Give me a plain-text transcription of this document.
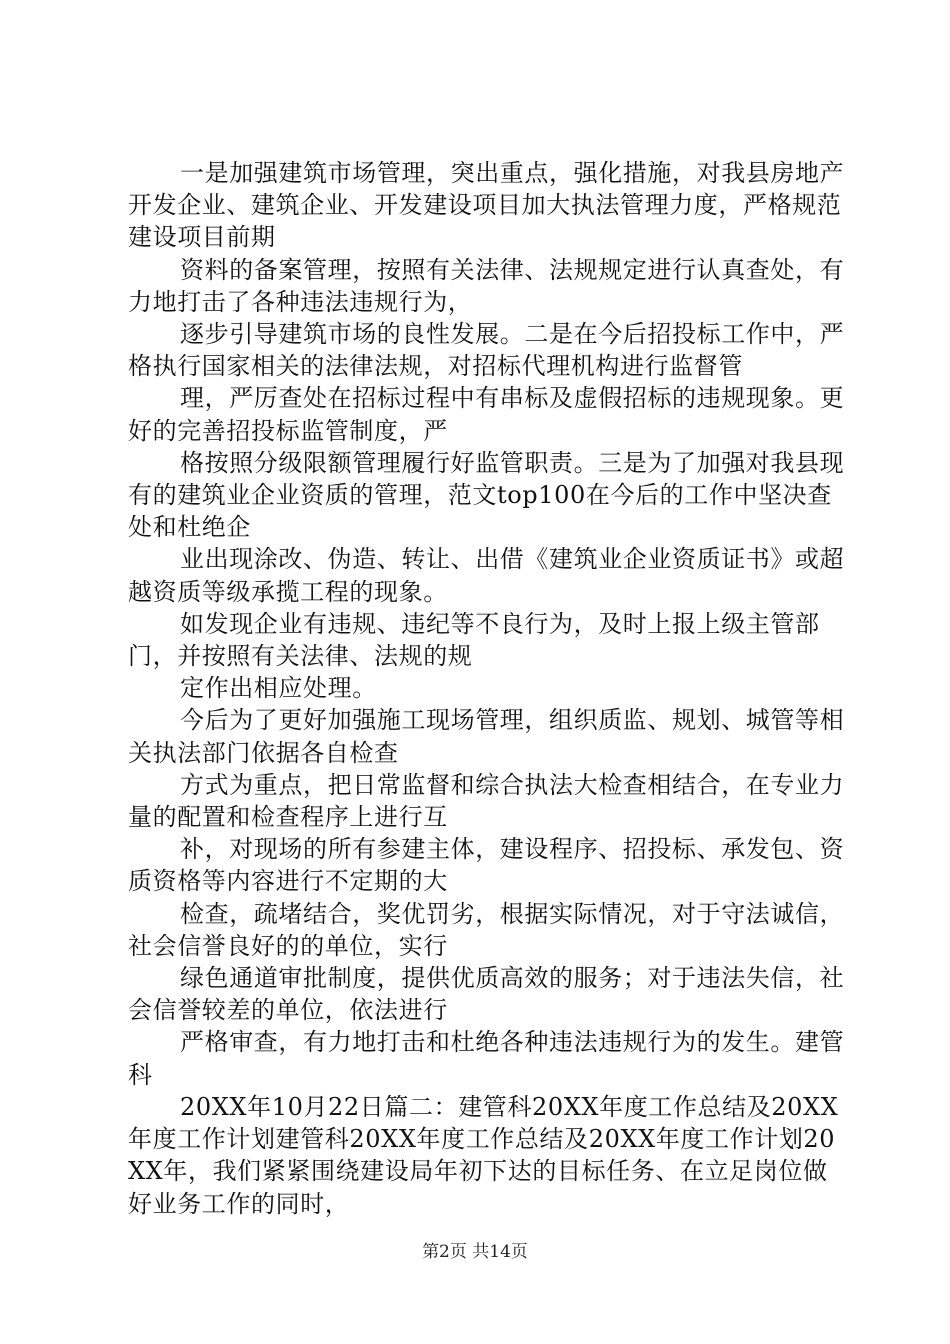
一是加强建筑市场管理，突出重点，强化措施，对我县房地产开发企业、建筑企业、开发建设项目加大执法管理力度，严格规范建设项目前期

资料的备案管理，按照有关法律、法规规定进行认真查处，有力地打击了各种违法违规行为，

逐步引导建筑市场的良性发展。二是在今后招投标工作中，严格执行国家相关的法律法规，对招标代理机构进行监督管

理，严厉查处在招标过程中有串标及虚假招标的违规现象。更好的完善招投标监管制度，严

格按照分级限额管理履行好监管职责。三是为了加强对我县现有的建筑业企业资质的管理，范文top100在今后的工作中坚决查处和杜绝企

业出现涂改、伪造、转让、出借《建筑业企业资质证书》或超越资质等级承揽工程的现象。

如发现企业有违规、违纪等不良行为，及时上报上级主管部门，并按照有关法律、法规的规

定作出相应处理。

今后为了更好加强施工现场管理，组织质监、规划、城管等相关执法部门依据各自检查

方式为重点，把日常监督和综合执法大检查相结合，在专业力量的配置和检查程序上进行互

补，对现场的所有参建主体，建设程序、招投标、承发包、资质资格等内容进行不定期的大

检查，疏堵结合，奖优罚劣，根据实际情况，对于守法诚信，社会信誉良好的的单位，实行

绿色通道审批制度，提供优质高效的服务；对于违法失信，社会信誉较差的单位，依法进行

严格审查，有力地打击和杜绝各种违法违规行为的发生。建管科

20XX年10月22日篇二：建管科20XX年度工作总结及20XX年度工作计划建管科20XX年度工作总结及20XX年度工作计划20XX年，我们紧紧围绕建设局年初下达的目标任务、在立足岗位做好业务工作的同时，

第2页 共14页
